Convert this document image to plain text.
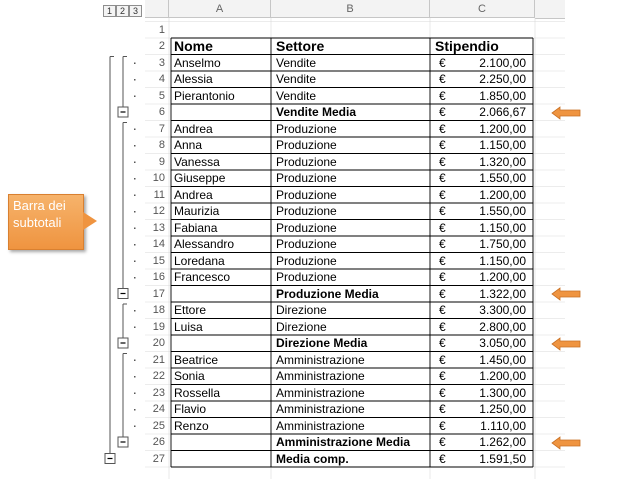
1 2 3	A	B	C
1
2 Nome	Settore	Stipendio
3 Anselmo	Vendite	€	2.100,00
4 Alessia	Vendite	€	2.250,00
5 Pierantonio	Vendite	€	1.850,00
6	Vendite Media	€	2.066,67
7 Andrea	Produzione	€	1.200,00
8 Anna	Produzione	€	1.150,00
9 Vanessa	Produzione	€	1.320,00
10 Giuseppe	Produzione	€	1.550,00
11 Andrea	Produzione	€	1.200,00
12 Maurizia	Produzione	€	1.550,00
13 Fabiana	Produzione	€	1.150,00
14 Alessandro	Produzione	€	1.750,00
15 Loredana	Produzione	€	1.150,00
16 Francesco	Produzione	€	1.200,00
17	Produzione Media	€	1.322,00
18 Ettore	Direzione	€	3.300,00
19 Luisa	Direzione	€	2.800,00
20	Direzione Media	€	3.050,00
21 Beatrice	Amministrazione	€	1.450,00
22 Sonia	Amministrazione	€	1.200,00
23 Rossella	Amministrazione	€	1.300,00
24 Flavio	Amministrazione	€	1.250,00
25 Renzo	Amministrazione	€	1.110,00
26	Amministrazione Media	€	1.262,00
27	Media comp.	€	1.591,50
Barra dei subtotali
